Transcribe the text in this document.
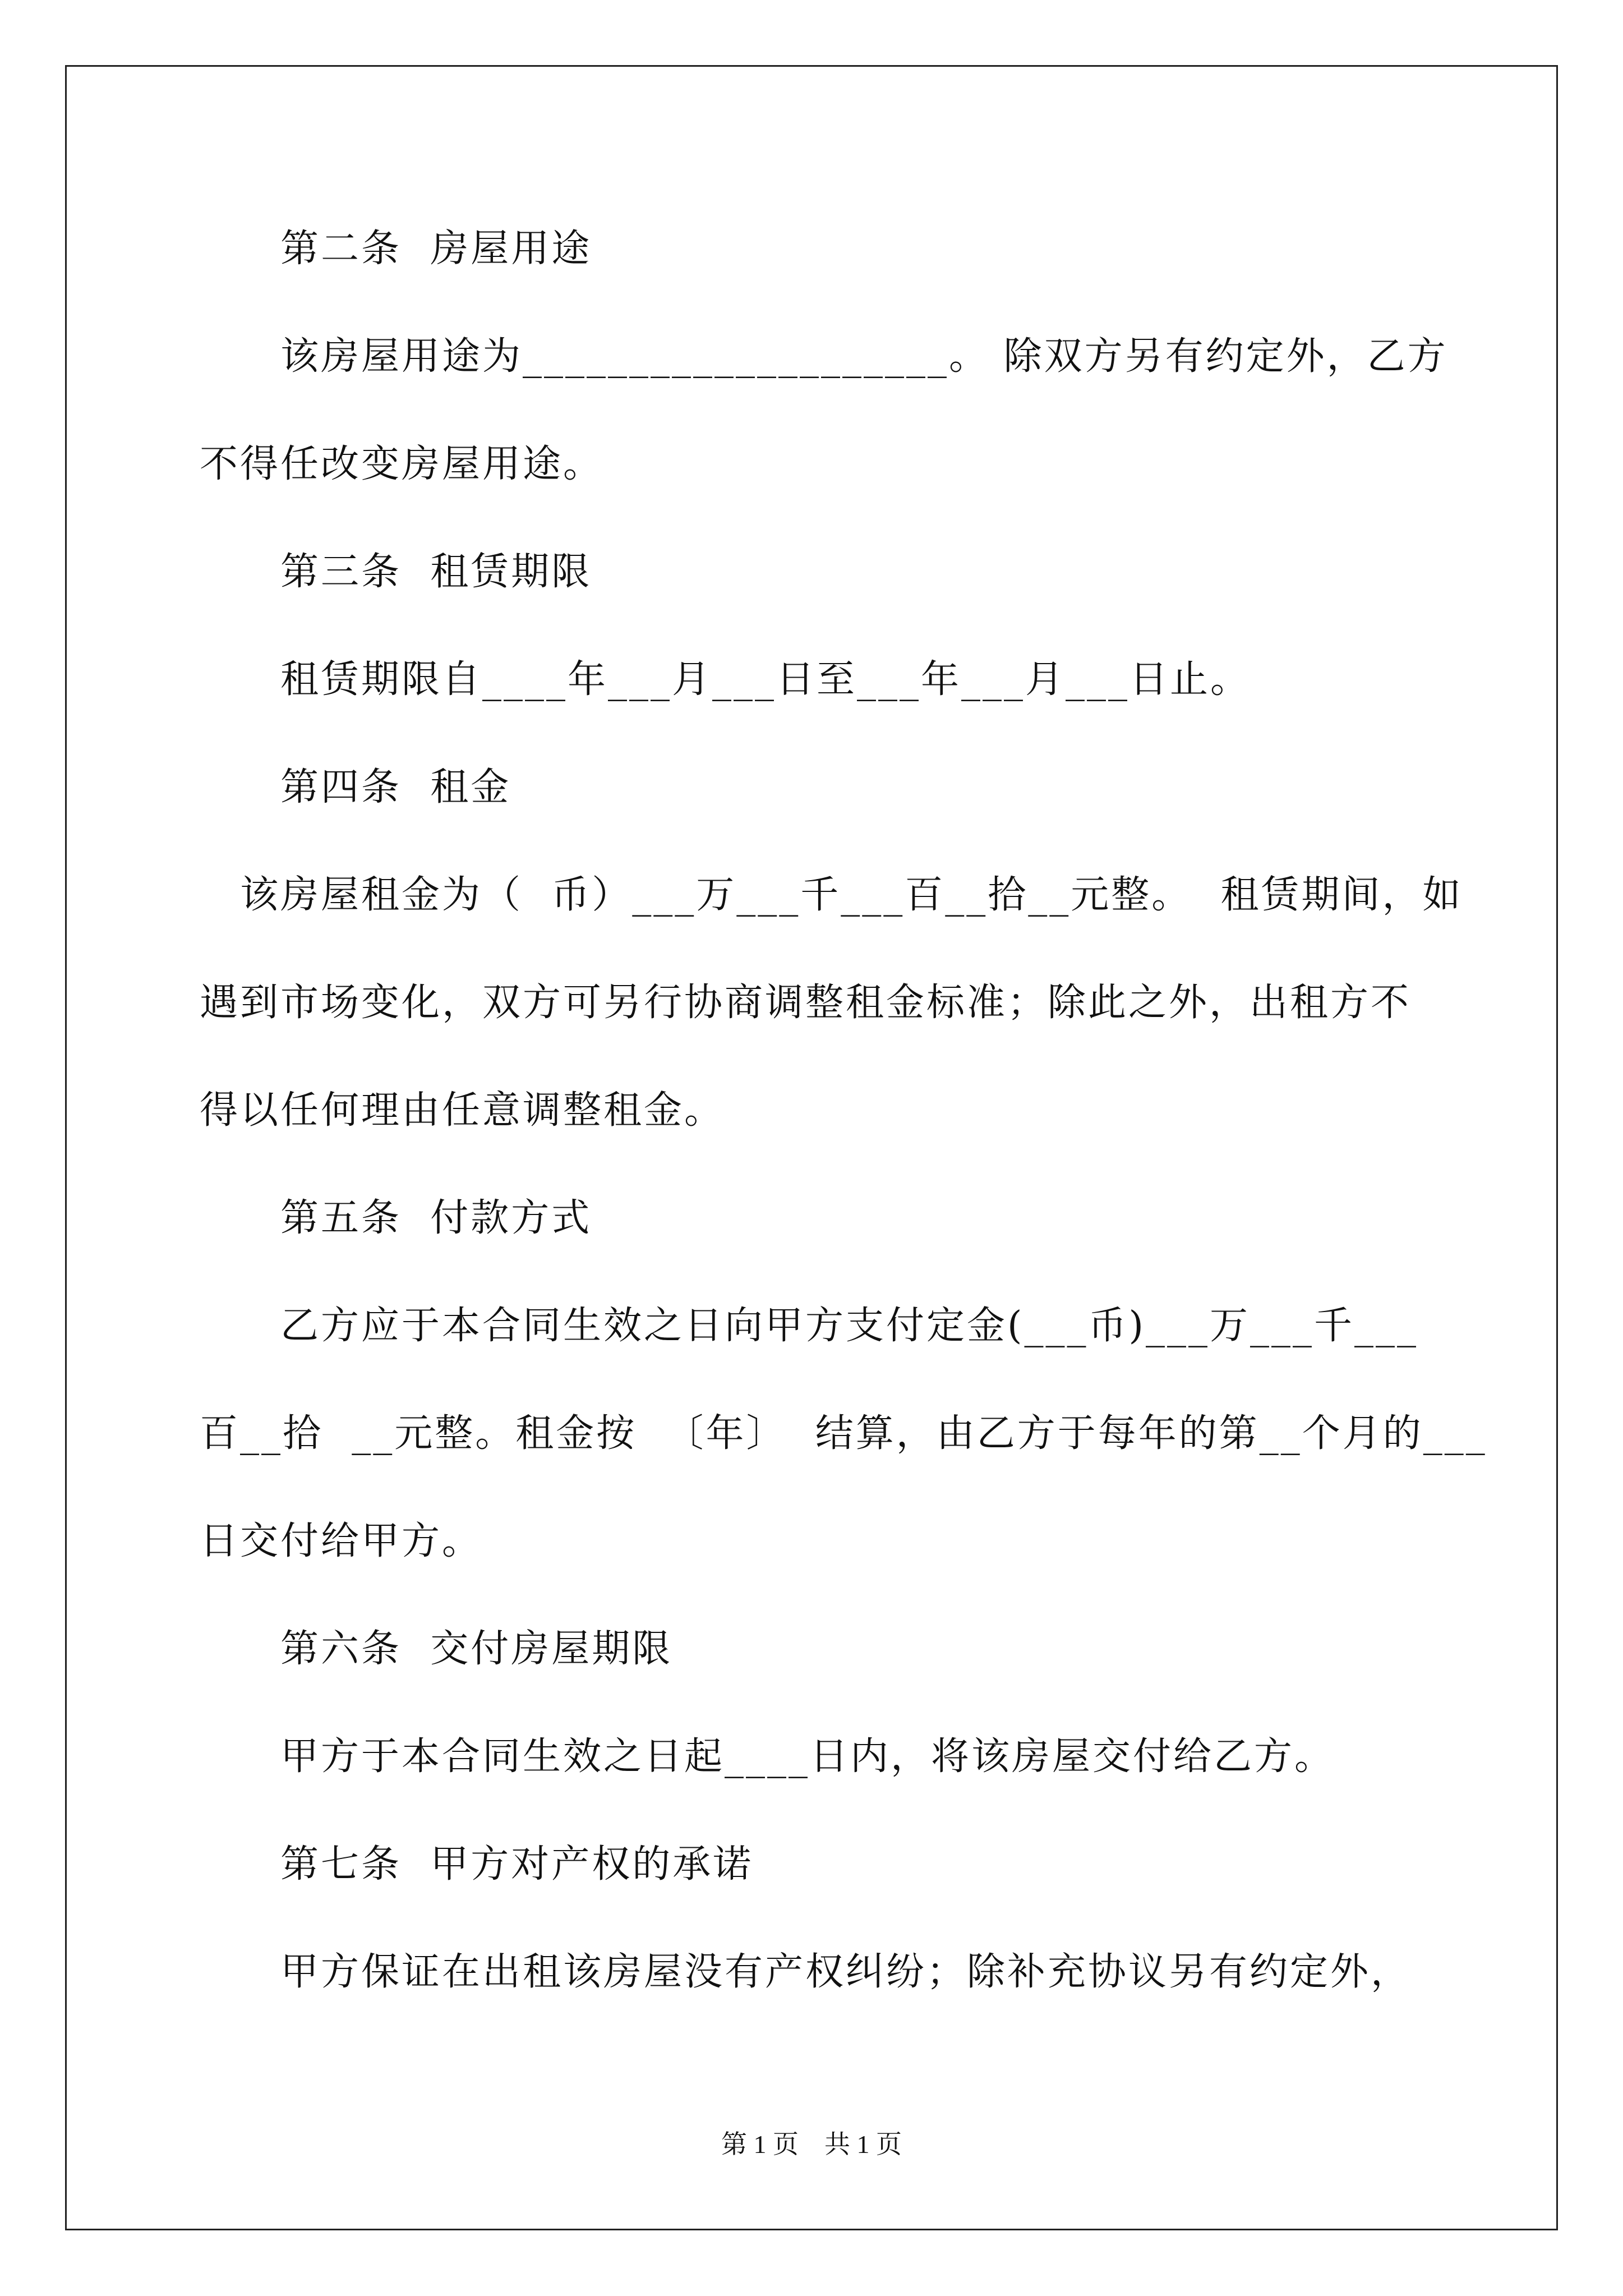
第二条  房屋用途
该房屋用途为____________________。 除双方另有约定外，乙方
不得任改变房屋用途。
第三条  租赁期限
租赁期限自____年___月___日至___年___月___日止。
第四条  租金
该房屋租金为（  币）___万___千___百__拾__元整。  租赁期间，如
遇到市场变化，双方可另行协商调整租金标准；除此之外，出租方不
得以任何理由任意调整租金。
第五条  付款方式
乙方应于本合同生效之日向甲方支付定金(___币)___万___千___
百__拾  __元整。租金按  〔年〕  结算，由乙方于每年的第__个月的___
日交付给甲方。
第六条  交付房屋期限
甲方于本合同生效之日起____日内，将该房屋交付给乙方。
第七条  甲方对产权的承诺
甲方保证在出租该房屋没有产权纠纷；除补充协议另有约定外，
第 1 页    共 1 页
